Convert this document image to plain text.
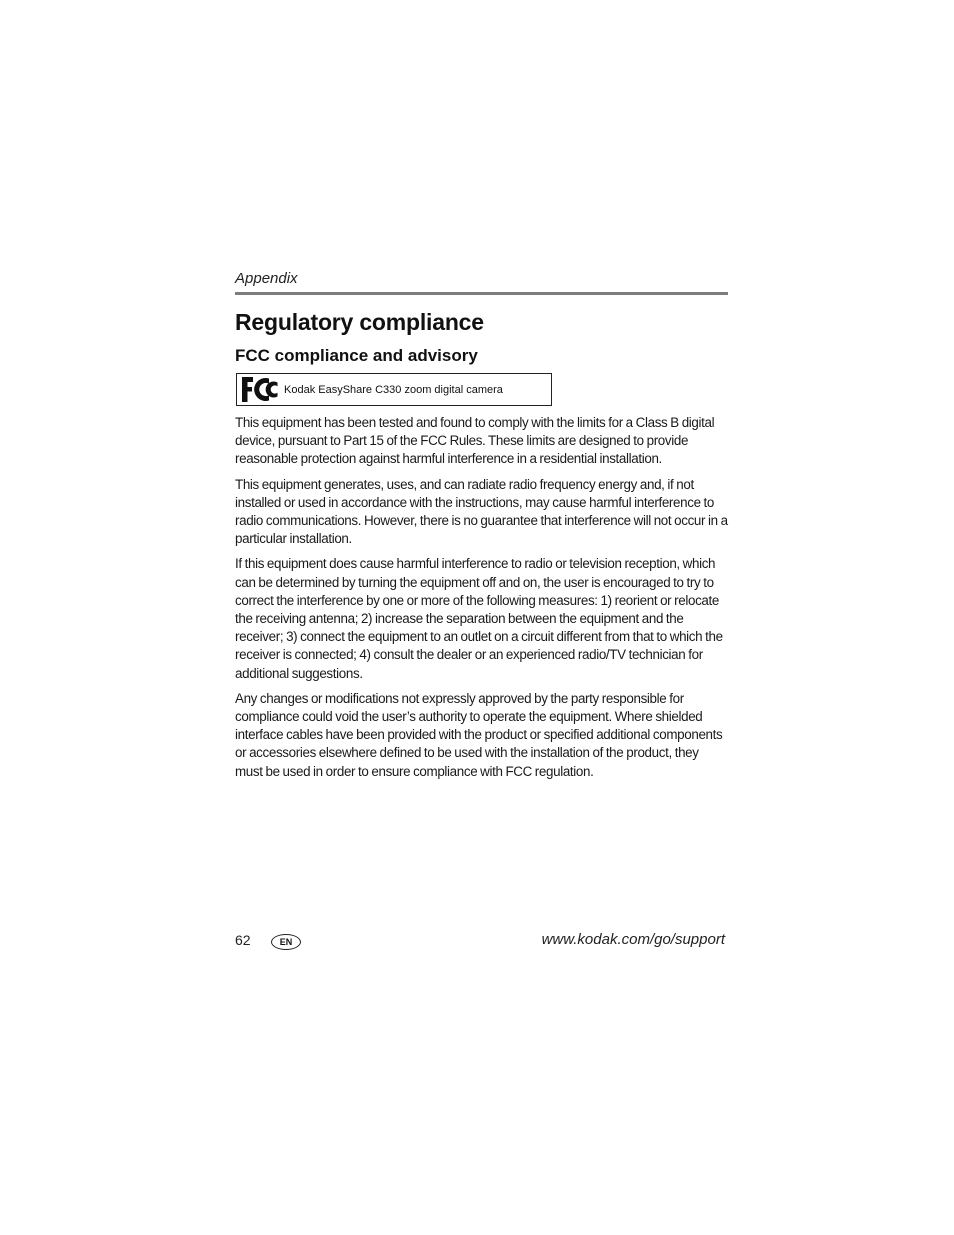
Appendix
Regulatory compliance
FCC compliance and advisory
Kodak EasyShare C330 zoom digital camera

This equipment has been tested and found to comply with the limits for a Class B digital device, pursuant to Part 15 of the FCC Rules. These limits are designed to provide reasonable protection against harmful interference in a residential installation.

This equipment generates, uses, and can radiate radio frequency energy and, if not installed or used in accordance with the instructions, may cause harmful interference to radio communications. However, there is no guarantee that interference will not occur in a particular installation.

If this equipment does cause harmful interference to radio or television reception, which can be determined by turning the equipment off and on, the user is encouraged to try to correct the interference by one or more of the following measures: 1) reorient or relocate the receiving antenna; 2) increase the separation between the equipment and the receiver; 3) connect the equipment to an outlet on a circuit different from that to which the receiver is connected; 4) consult the dealer or an experienced radio/TV technician for additional suggestions.

Any changes or modifications not expressly approved by the party responsible for compliance could void the user’s authority to operate the equipment. Where shielded interface cables have been provided with the product or specified additional components or accessories elsewhere defined to be used with the installation of the product, they must be used in order to ensure compliance with FCC regulation.

62	EN	www.kodak.com/go/support
